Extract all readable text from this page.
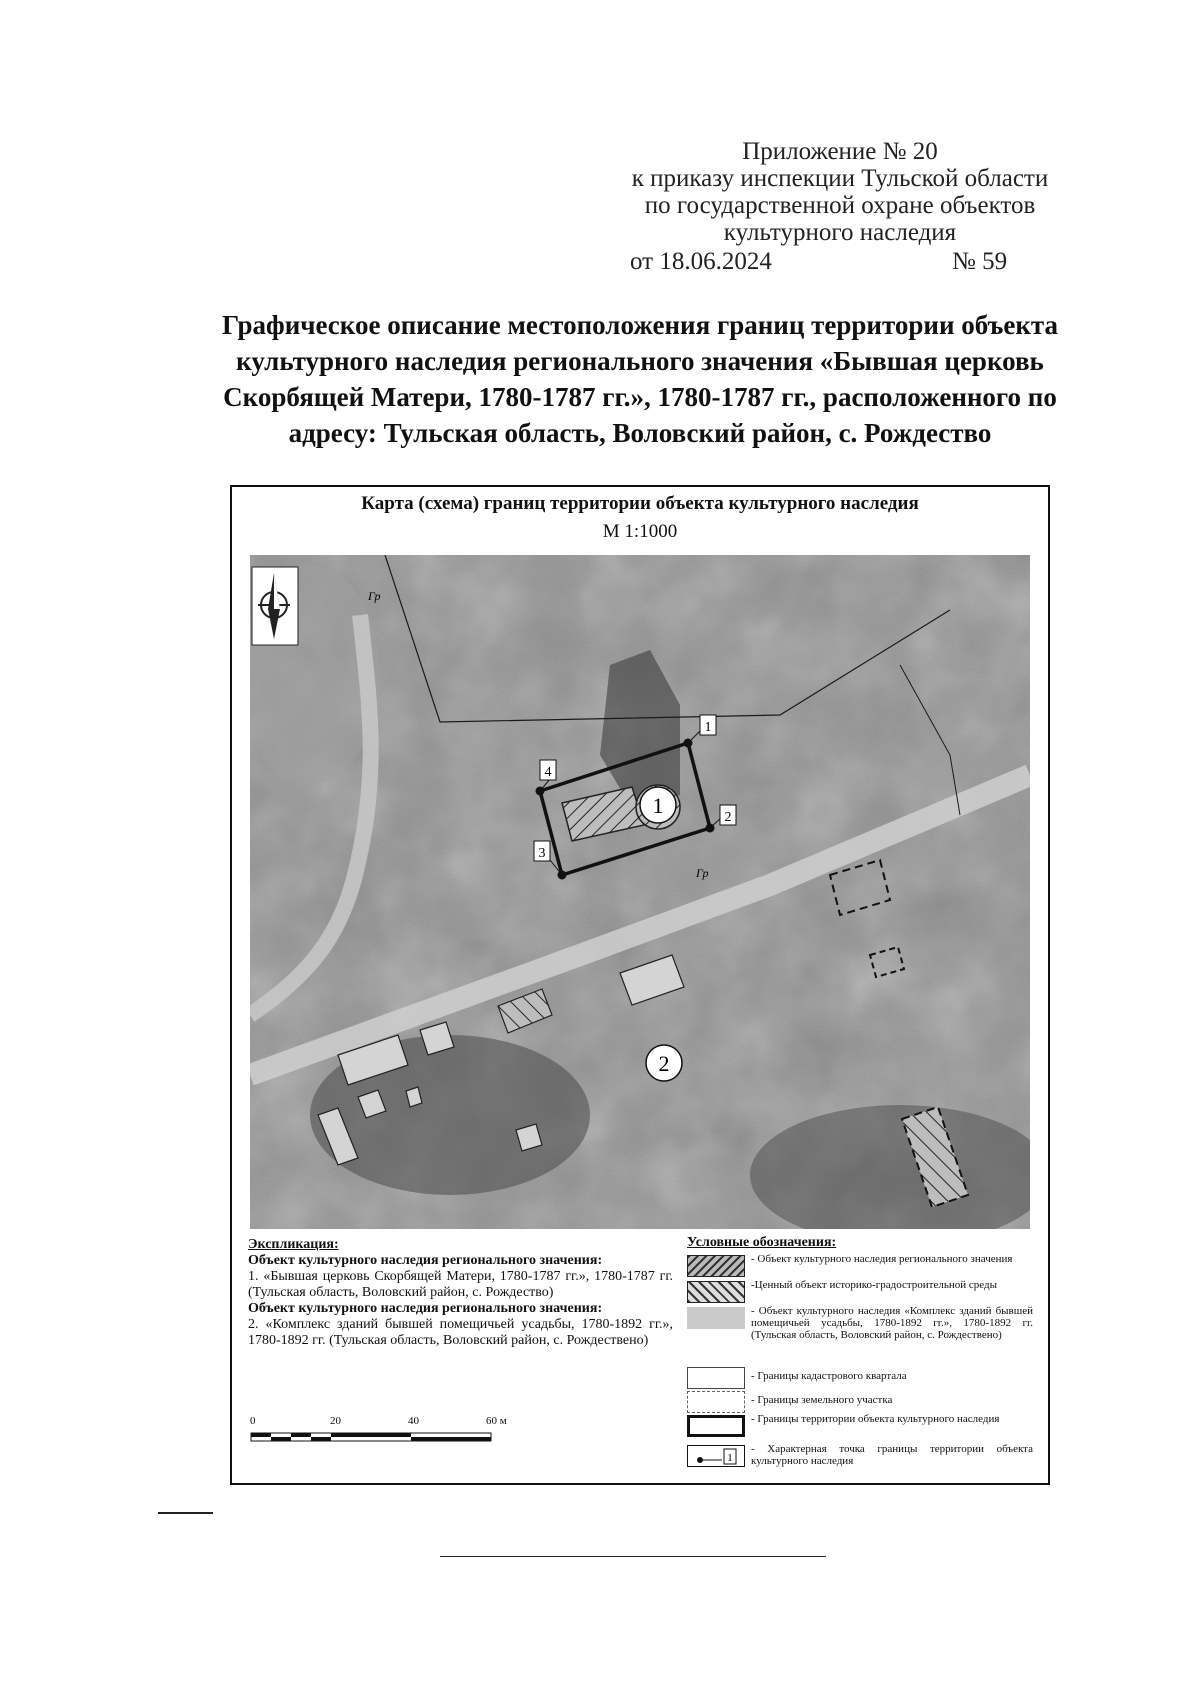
Приложение № 20
к приказу инспекции Тульской области
по государственной охране объектов
культурного наследия
от 18.06.2024	№ 59
Графическое описание местоположения границ территории объекта
культурного наследия регионального значения «Бывшая церковь
Скорбящей Матери, 1780-1787 гг.», 1780-1787 гг., расположенного по
адресу: Тульская область, Воловский район, с. Рождество
Карта (схема) границ территории объекта культурного наследия
М 1:1000
Гр
Гр
1
2
3
4
1
2
Экспликация:
Объект культурного наследия регионального значения:
1. «Бывшая церковь Скорбящей Матери, 1780-1787 гг.», 1780-1787 гг. (Тульская область, Воловский район, с. Рождество)
Объект культурного наследия регионального значения:
2. «Комплекс зданий бывшей помещичьей усадьбы, 1780-1892 гг.», 1780-1892 гг. (Тульская область, Воловский район, с. Рождествено)
Условные обозначения:
- Объект культурного наследия регионального значения
-Ценный объект историко-градостроительной среды
- Объект культурного наследия «Комплекс зданий бывшей помещичьей усадьбы, 1780-1892 гг.», 1780-1892 гг. (Тульская область, Воловский район, с. Рождествено)
- Границы кадастрового квартала
- Границы земельного участка
- Границы территории объекта культурного наследия
1
- Характерная точка границы территории объекта культурного наследия
0	20	40	60 м
